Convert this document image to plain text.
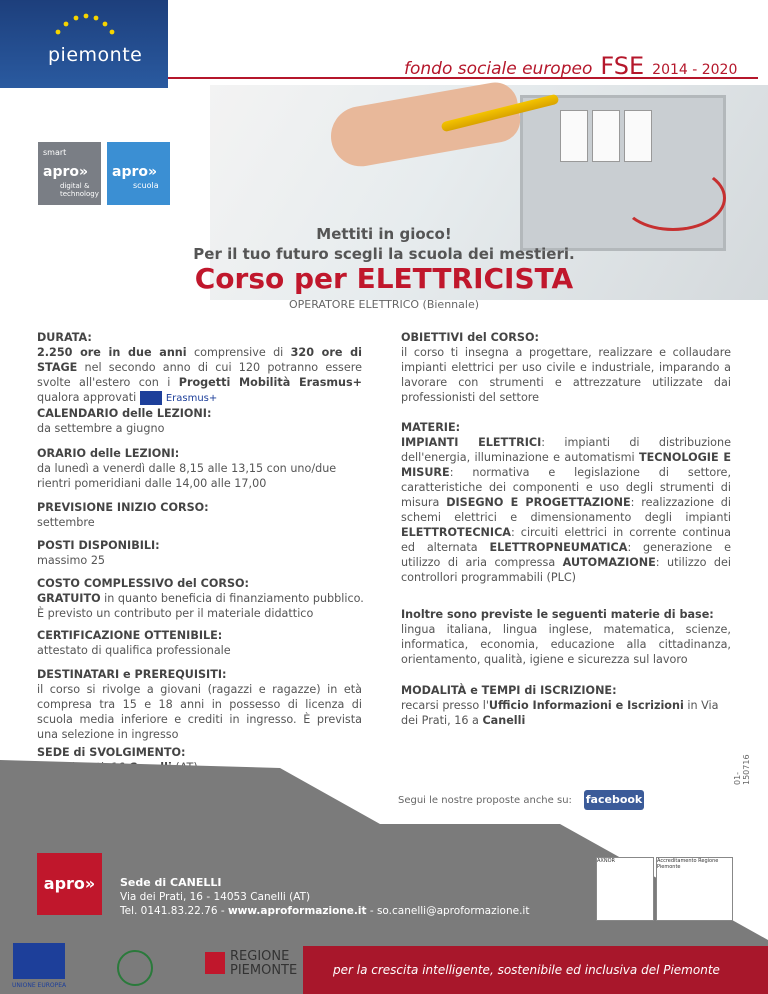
piemonte
fondo sociale europeo FSE 2014 - 2020
smart
apro»
digital & technology
apro»
scuola
Mettiti in gioco!
Per il tuo futuro scegli la scuola dei mestieri.
Corso per ELETTRICISTA
OPERATORE ELETTRICO (Biennale)
DURATA:
2.250 ore in due anni comprensive di 320 ore di STAGE nel secondo anno di cui 120 potranno essere svolte all'estero con i Progetti Mobilità Erasmus+ qualora approvati	Erasmus+
CALENDARIO delle LEZIONI:
da settembre a giugno
ORARIO delle LEZIONI:
da lunedì a venerdì dalle 8,15 alle 13,15 con uno/due rientri pomeridiani dalle 14,00 alle 17,00
PREVISIONE INIZIO CORSO:
settembre
POSTI DISPONIBILI:
massimo 25
COSTO COMPLESSIVO del CORSO:
GRATUITO in quanto beneficia di finanziamento pubblico. È previsto un contributo per il materiale didattico
CERTIFICAZIONE OTTENIBILE:
attestato di qualifica professionale
DESTINATARI e PREREQUISITI:
il corso si rivolge a giovani (ragazzi e ragazze) in età compresa tra 15 e 18 anni in possesso di licenza di scuola media inferiore e crediti in ingresso. È prevista una selezione in ingresso
SEDE di SVOLGIMENTO:
OBIETTIVI del CORSO:
il corso ti insegna a progettare, realizzare e collaudare impianti elettrici per uso civile e industriale, imparando a lavorare con strumenti e attrezzature utilizzate dai professionisti del settore
MATERIE:
IMPIANTI ELETTRICI: impianti di distribuzione dell'energia, illuminazione e automatismi TECNOLOGIE E MISURE: normativa e legislazione di settore, caratteristiche dei componenti e uso degli strumenti di misura DISEGNO E PROGETTAZIONE: realizzazione di schemi elettrici e dimensionamento degli impianti ELETTROTECNICA: circuiti elettrici in corrente continua ed alternata ELETTROPNEUMATICA: generazione e utilizzo di aria compressa AUTOMAZIONE: utilizzo dei controllori programmabili (PLC)
Inoltre sono previste le seguenti materie di base:
lingua italiana, lingua inglese, matematica, scienze, informatica, economia, educazione alla cittadinanza, orientamento, qualità, igiene e sicurezza sul lavoro
MODALITÀ e TEMPI di ISCRIZIONE:
recarsi presso l'Ufficio Informazioni e Iscrizioni in Via dei Prati, 16 a Canelli
Segui le nostre proposte anche su: facebook
01-150716
apro»	Sede di CANELLI
Via dei Prati, 16 - 14053 Canelli (AT)
Tel. 0141.83.22.76 - www.aproformazione.it - so.canelli@aproformazione.it
AXNOR	Accreditamento Regione Piemonte
per la crescita intelligente, sostenibile ed inclusiva del Piemonte
UNIONE EUROPEA
REGIONE PIEMONTE
